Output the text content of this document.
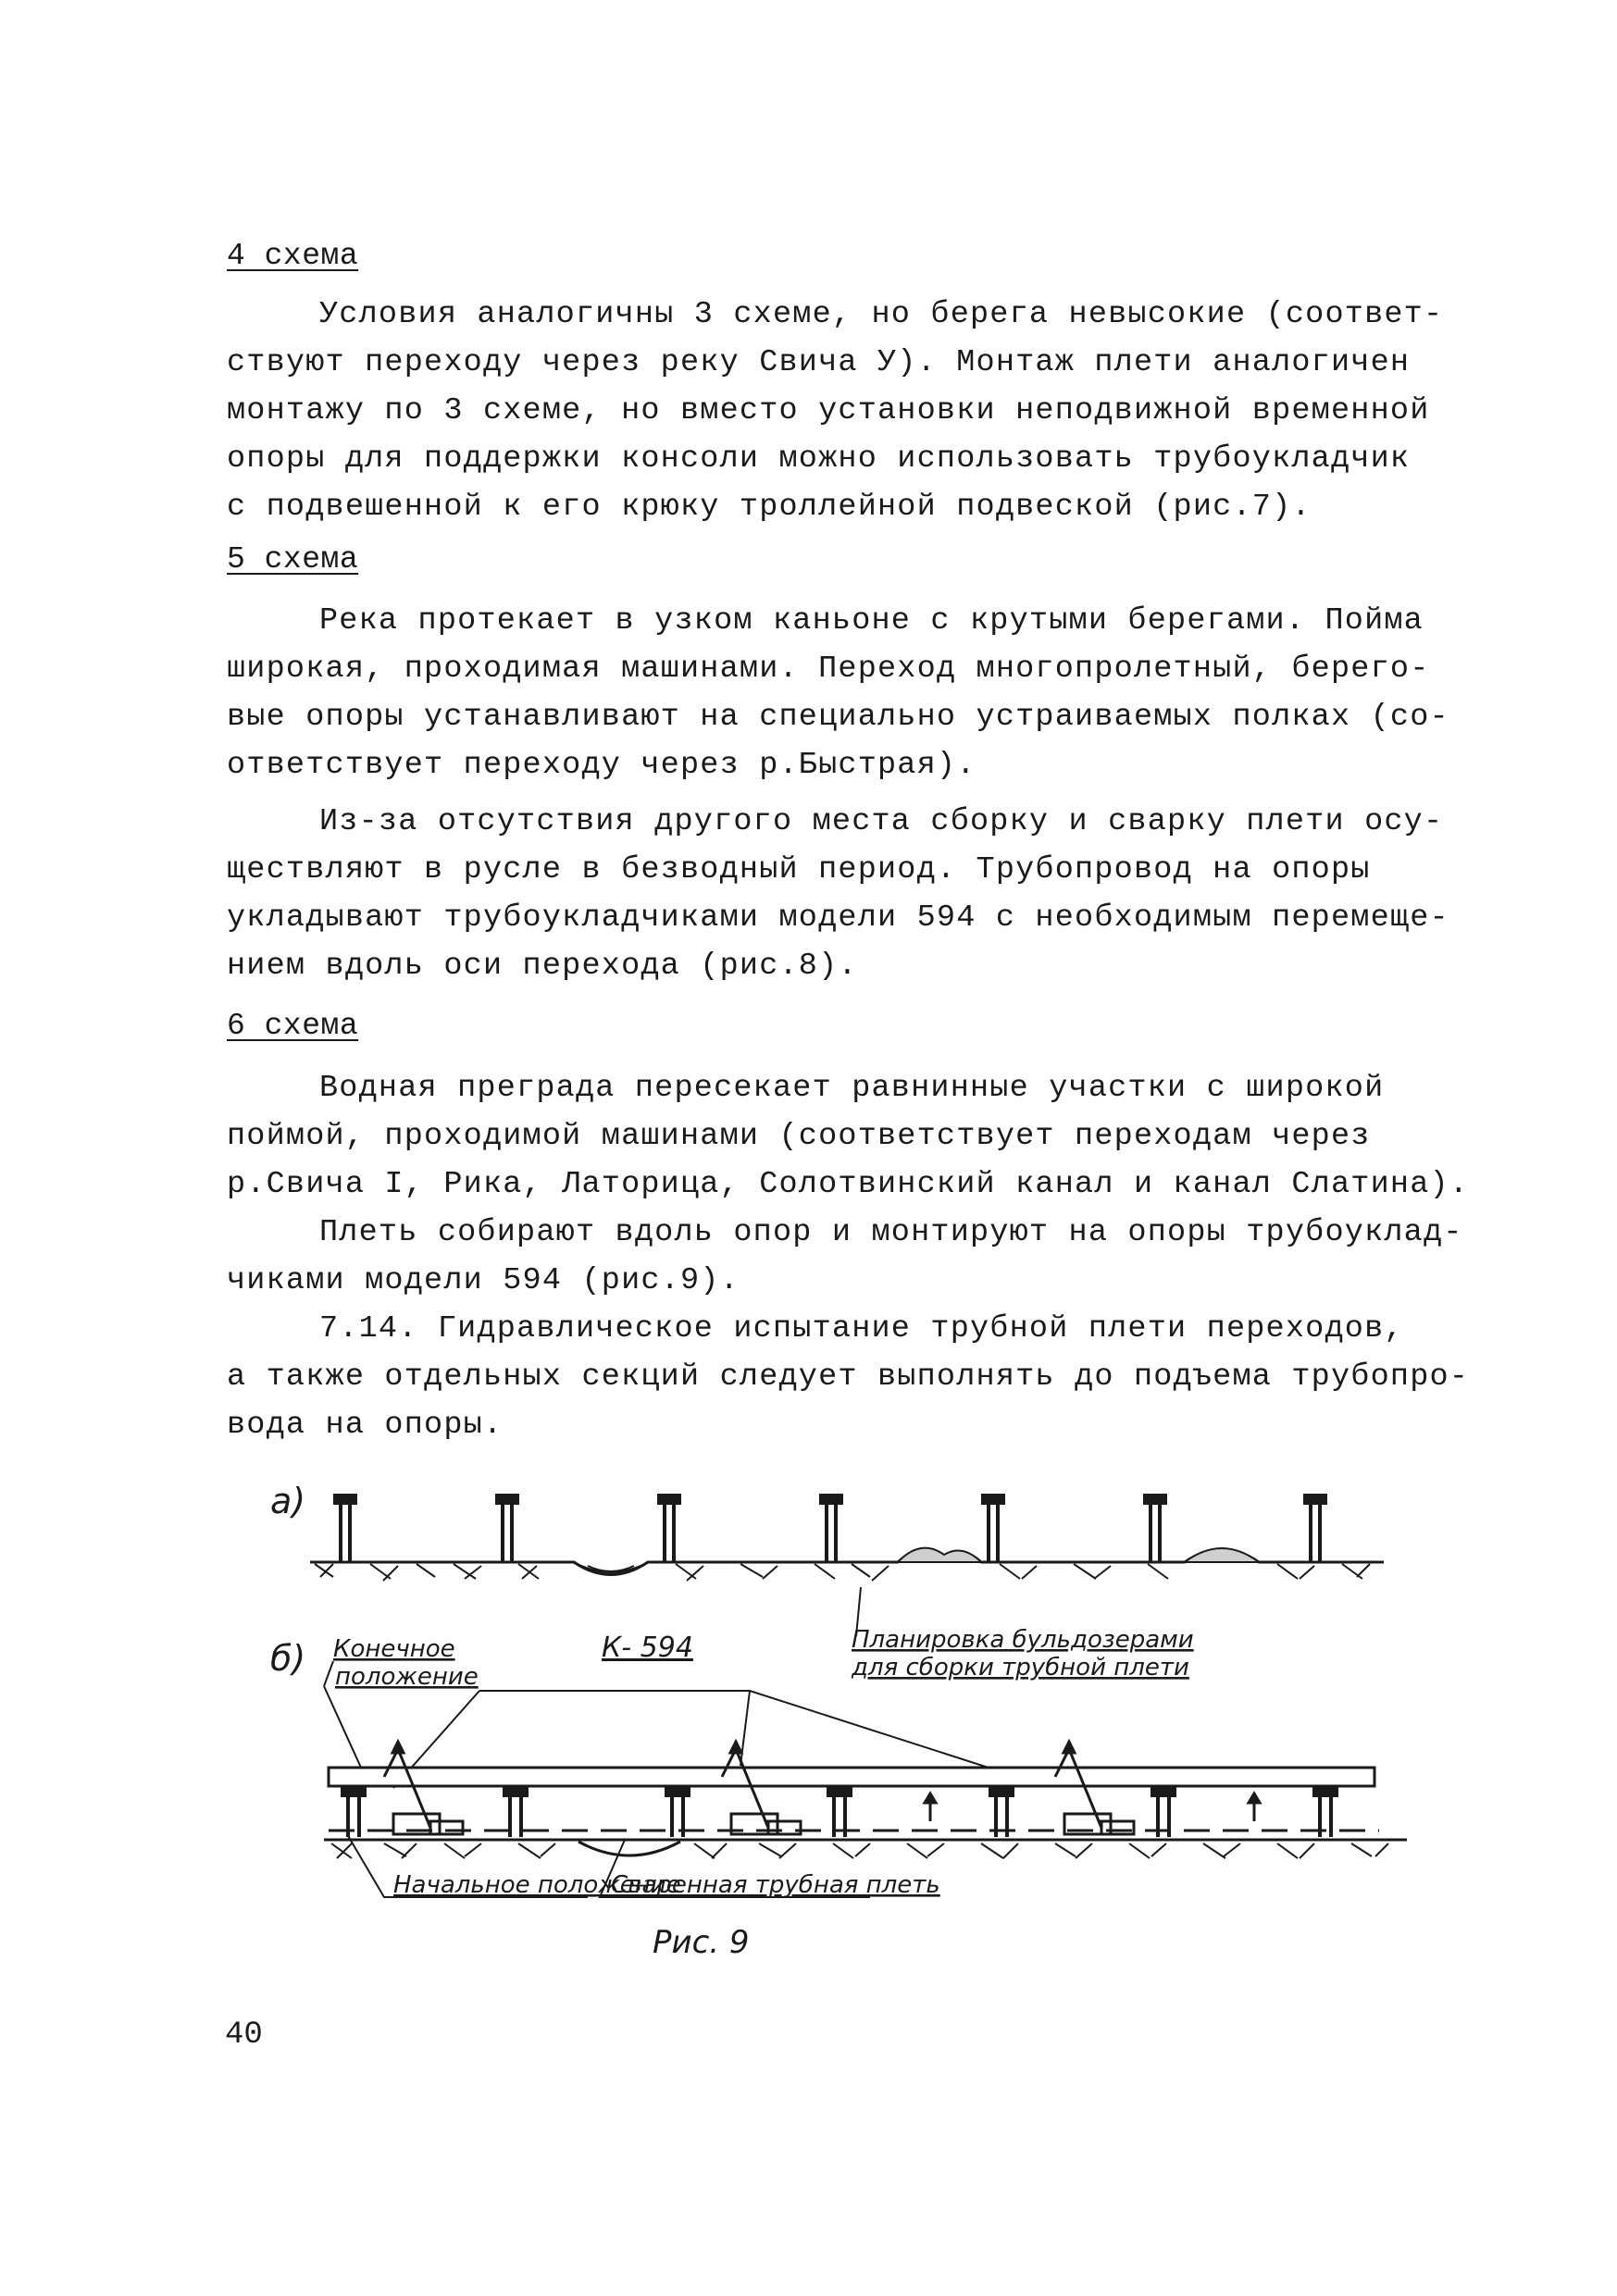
4 схема
Условия аналогичны 3 схеме, но берега невысокие (соответ-
ствуют переходу через реку Свича У). Монтаж плети аналогичен
монтажу по 3 схеме, но вместо установки неподвижной временной
опоры для поддержки консоли можно использовать трубоукладчик
с подвешенной к его крюку троллейной подвеской (рис.7).
5 схема
Река протекает в узком каньоне с крутыми берегами. Пойма
широкая, проходимая машинами. Переход многопролетный, берего-
вые опоры устанавливают на специально устраиваемых полках (со-
ответствует переходу через р.Быстрая).
Из-за отсутствия другого места сборку и сварку плети осу-
ществляют в русле в безводный период. Трубопровод на опоры
укладывают трубоукладчиками модели 594 с необходимым перемеще-
нием вдоль оси перехода (рис.8).
6 схема
Водная преграда пересекает равнинные участки с широкой
поймой, проходимой машинами (соответствует переходам через
р.Свича I, Рика, Латорица, Солотвинский канал и канал Слатина).
Плеть собирают вдоль опор и монтируют на опоры трубоуклад-
чиками модели 594 (рис.9).
7.14. Гидравлическое испытание трубной плети переходов,
а также отдельных секций следует выполнять до подъема трубопро-
вода на опоры.
а)
б) Конечное
положение
К- 594	Планировка бульдозерами
для сборки трубной плети
Начальное положение
Сваренная трубная плеть
Рис. 9
40
